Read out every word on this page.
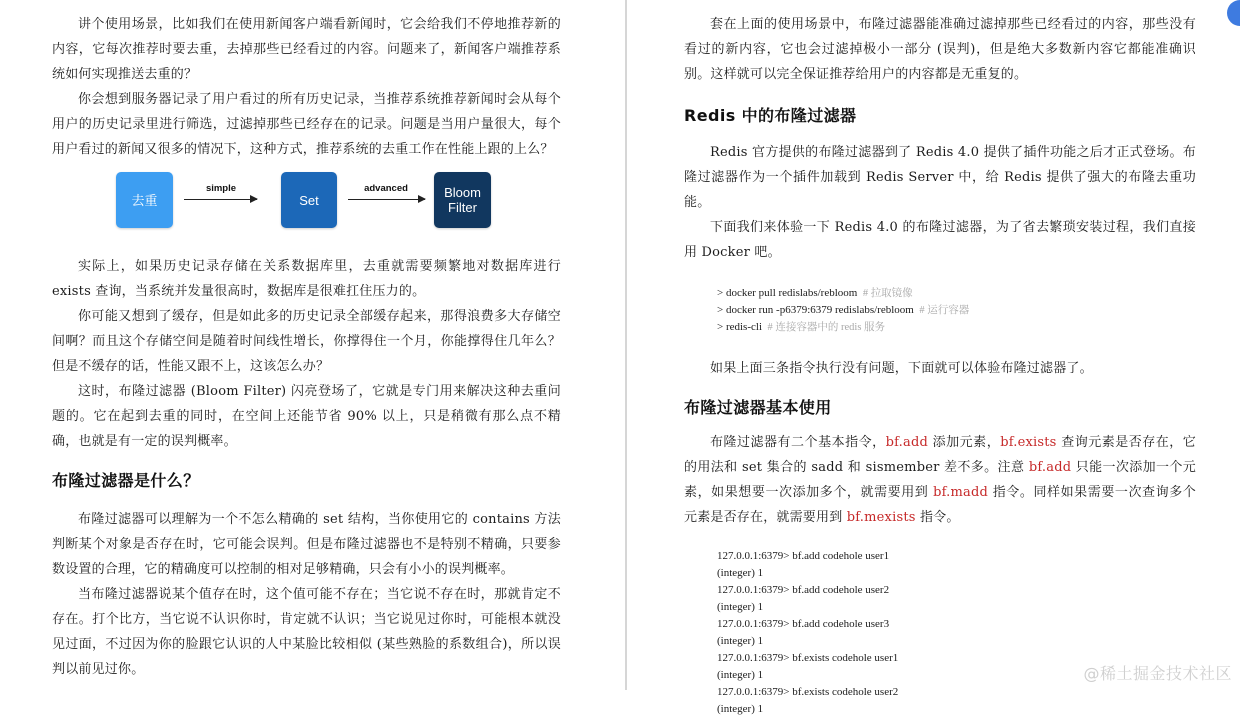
讲个使用场景，比如我们在使用新闻客户端看新闻时，它会给我们不停地推荐新的内容，它每次推荐时要去重，去掉那些已经看过的内容。问题来了，新闻客户端推荐系统如何实现推送去重的？

你会想到服务器记录了用户看过的所有历史记录，当推荐系统推荐新闻时会从每个用户的历史记录里进行筛选，过滤掉那些已经存在的记录。问题是当用户量很大，每个用户看过的新闻又很多的情况下，这种方式，推荐系统的去重工作在性能上跟的上么？

去重
simple
Set
advanced	Bloom
Filter

实际上，如果历史记录存储在关系数据库里，去重就需要频繁地对数据库进行 exists 查询，当系统并发量很高时，数据库是很难扛住压力的。

你可能又想到了缓存，但是如此多的历史记录全部缓存起来，那得浪费多大存储空间啊？而且这个存储空间是随着时间线性增长，你撑得住一个月，你能撑得住几年么？但是不缓存的话，性能又跟不上，这该怎么办？

这时，布隆过滤器 (Bloom Filter) 闪亮登场了，它就是专门用来解决这种去重问题的。它在起到去重的同时，在空间上还能节省 90% 以上，只是稍微有那么点不精确，也就是有一定的误判概率。

布隆过滤器是什么？

布隆过滤器可以理解为一个不怎么精确的 set 结构，当你使用它的 contains 方法判断某个对象是否存在时，它可能会误判。但是布隆过滤器也不是特别不精确，只要参数设置的合理，它的精确度可以控制的相对足够精确，只会有小小的误判概率。

当布隆过滤器说某个值存在时，这个值可能不存在；当它说不存在时，那就肯定不存在。打个比方，当它说不认识你时，肯定就不认识；当它说见过你时，可能根本就没见过面，不过因为你的脸跟它认识的人中某脸比较相似 (某些熟脸的系数组合)，所以误判以前见过你。

套在上面的使用场景中，布隆过滤器能准确过滤掉那些已经看过的内容，那些没有看过的新内容，它也会过滤掉极小一部分 (误判)，但是绝大多数新内容它都能准确识别。这样就可以完全保证推荐给用户的内容都是无重复的。

Redis 中的布隆过滤器

Redis 官方提供的布隆过滤器到了 Redis 4.0 提供了插件功能之后才正式登场。布隆过滤器作为一个插件加载到 Redis Server 中，给 Redis 提供了强大的布隆去重功能。

下面我们来体验一下 Redis 4.0 的布隆过滤器，为了省去繁琐安装过程，我们直接用 Docker 吧。

> docker pull redislabs/rebloom # 拉取镜像
> docker run -p6379:6379 redislabs/rebloom # 运行容器
> redis-cli # 连接容器中的 redis 服务

如果上面三条指令执行没有问题，下面就可以体验布隆过滤器了。

布隆过滤器基本使用

布隆过滤器有二个基本指令，bf.add 添加元素，bf.exists 查询元素是否存在，它的用法和 set 集合的 sadd 和 sismember 差不多。注意 bf.add 只能一次添加一个元素，如果想要一次添加多个，就需要用到 bf.madd 指令。同样如果需要一次查询多个元素是否存在，就需要用到 bf.mexists 指令。

127.0.0.1:6379> bf.add codehole user1
(integer) 1
127.0.0.1:6379> bf.add codehole user2
(integer) 1
127.0.0.1:6379> bf.add codehole user3
(integer) 1
127.0.0.1:6379> bf.exists codehole user1
(integer) 1
127.0.0.1:6379> bf.exists codehole user2
(integer) 1
@稀土掘金技术社区
